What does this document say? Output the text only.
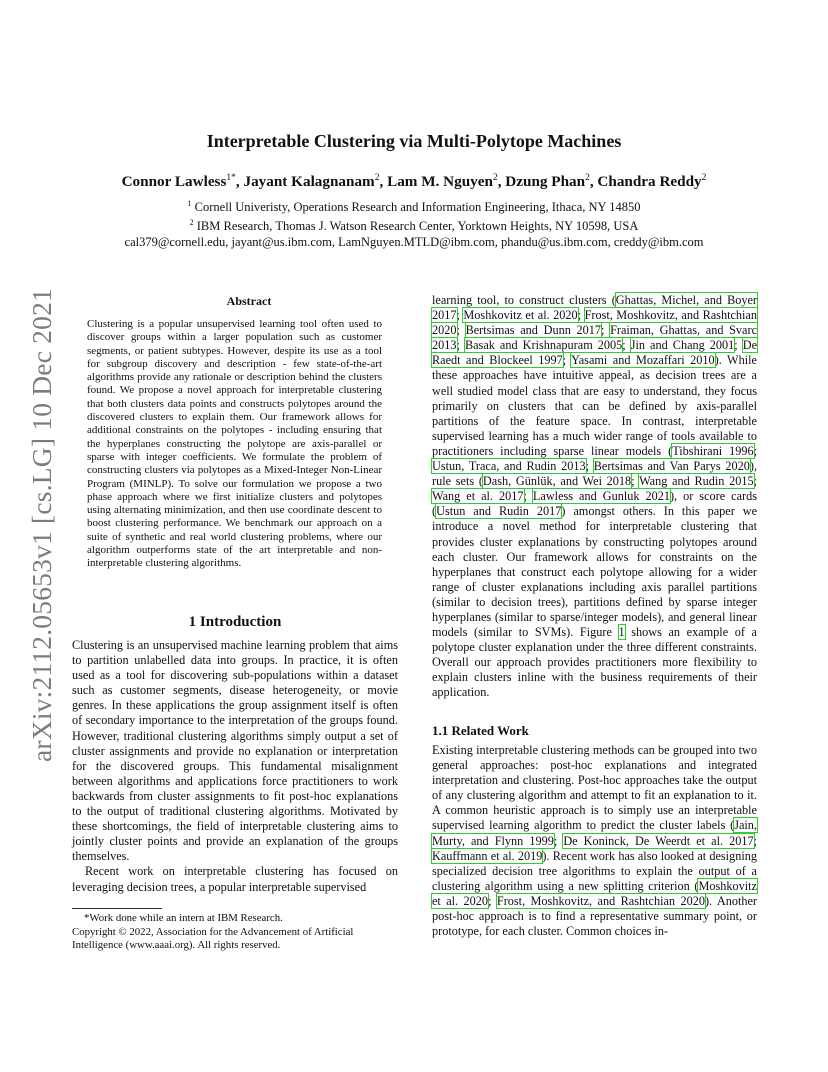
arXiv:2112.05653v1 [cs.LG] 10 Dec 2021
Interpretable Clustering via Multi-Polytope Machines
Connor Lawless$^{1*}$, Jayant Kalagnanam$^2$, Lam M. Nguyen$^2$, Dzung Phan$^2$, Chandra Reddy$^2$
$^1$ Cornell Univeristy, Operations Research and Information Engineering, Ithaca, NY 14850
$^2$ IBM Research, Thomas J. Watson Research Center, Yorktown Heights, NY 10598, USA
cal379@cornell.edu, jayant@us.ibm.com, LamNguyen.MTLD@ibm.com, phandu@us.ibm.com, creddy@ibm.com
Abstract
Clustering is a popular unsupervised learning tool often used to discover groups within a larger population such as customer segments, or patient subtypes. However, despite its use as a tool for subgroup discovery and description - few state-of-the-art algorithms provide any rationale or description behind the clusters found. We propose a novel approach for interpretable clustering that both clusters data points and constructs polytopes around the discovered clusters to explain them. Our framework allows for additional constraints on the polytopes - including ensuring that the hyperplanes constructing the polytope are axis-parallel or sparse with integer coefficients. We formulate the problem of constructing clusters via polytopes as a Mixed-Integer Non-Linear Program (MINLP). To solve our formulation we propose a two phase approach where we first initialize clusters and polytopes using alternating minimization, and then use coordinate descent to boost clustering performance. We benchmark our approach on a suite of synthetic and real world clustering problems, where our algorithm outperforms state of the art interpretable and non-interpretable clustering algorithms.
1 Introduction

Clustering is an unsupervised machine learning problem that aims to partition unlabelled data into groups. In practice, it is often used as a tool for discovering sub-populations within a dataset such as customer segments, disease heterogeneity, or movie genres. In these applications the group assignment itself is often of secondary importance to the interpretation of the groups found. However, traditional clustering algorithms simply output a set of cluster assignments and provide no explanation or interpretation for the discovered groups. This fundamental misalignment between algorithms and applications force practitioners to work backwards from cluster assignments to fit post-hoc explanations to the output of traditional clustering algorithms. Motivated by these shortcomings, the field of interpretable clustering aims to jointly cluster points and provide an explanation of the groups themselves.

Recent work on interpretable clustering has focused on leveraging decision trees, a popular interpretable supervised

*Work done while an intern at IBM Research.
Copyright © 2022, Association for the Advancement of Artificial Intelligence (www.aaai.org). All rights reserved.

learning tool, to construct clusters (Ghattas, Michel, and Boyer 2017; Moshkovitz et al. 2020; Frost, Moshkovitz, and Rashtchian 2020; Bertsimas and Dunn 2017; Fraiman, Ghattas, and Svarc 2013; Basak and Krishnapuram 2005; Jin and Chang 2001; De Raedt and Blockeel 1997; Yasami and Mozaffari 2010). While these approaches have intuitive appeal, as decision trees are a well studied model class that are easy to understand, they focus primarily on clusters that can be defined by axis-parallel partitions of the feature space. In contrast, interpretable supervised learning has a much wider range of tools available to practitioners including sparse linear models (Tibshirani 1996; Ustun, Traca, and Rudin 2013; Bertsimas and Van Parys 2020), rule sets (Dash, Günlük, and Wei 2018; Wang and Rudin 2015; Wang et al. 2017; Lawless and Gunluk 2021), or score cards (Ustun and Rudin 2017) amongst others. In this paper we introduce a novel method for interpretable clustering that provides cluster explanations by constructing polytopes around each cluster. Our framework allows for constraints on the hyperplanes that construct each polytope allowing for a wider range of cluster explanations including axis parallel partitions (similar to decision trees), partitions defined by sparse integer hyperplanes (similar to sparse/integer models), and general linear models (similar to SVMs). Figure 1 shows an example of a polytope cluster explanation under the three different constraints. Overall our approach provides practitioners more flexibility to explain clusters inline with the business requirements of their application.

1.1 Related Work

Existing interpretable clustering methods can be grouped into two general approaches: post-hoc explanations and integrated interpretation and clustering. Post-hoc approaches take the output of any clustering algorithm and attempt to fit an explanation to it. A common heuristic approach is to simply use an interpretable supervised learning algorithm to predict the cluster labels (Jain, Murty, and Flynn 1999; De Koninck, De Weerdt et al. 2017; Kauffmann et al. 2019). Recent work has also looked at designing specialized decision tree algorithms to explain the output of a clustering algorithm using a new splitting criterion (Moshkovitz et al. 2020; Frost, Moshkovitz, and Rashtchian 2020). Another post-hoc approach is to find a representative summary point, or prototype, for each cluster. Common choices in-
